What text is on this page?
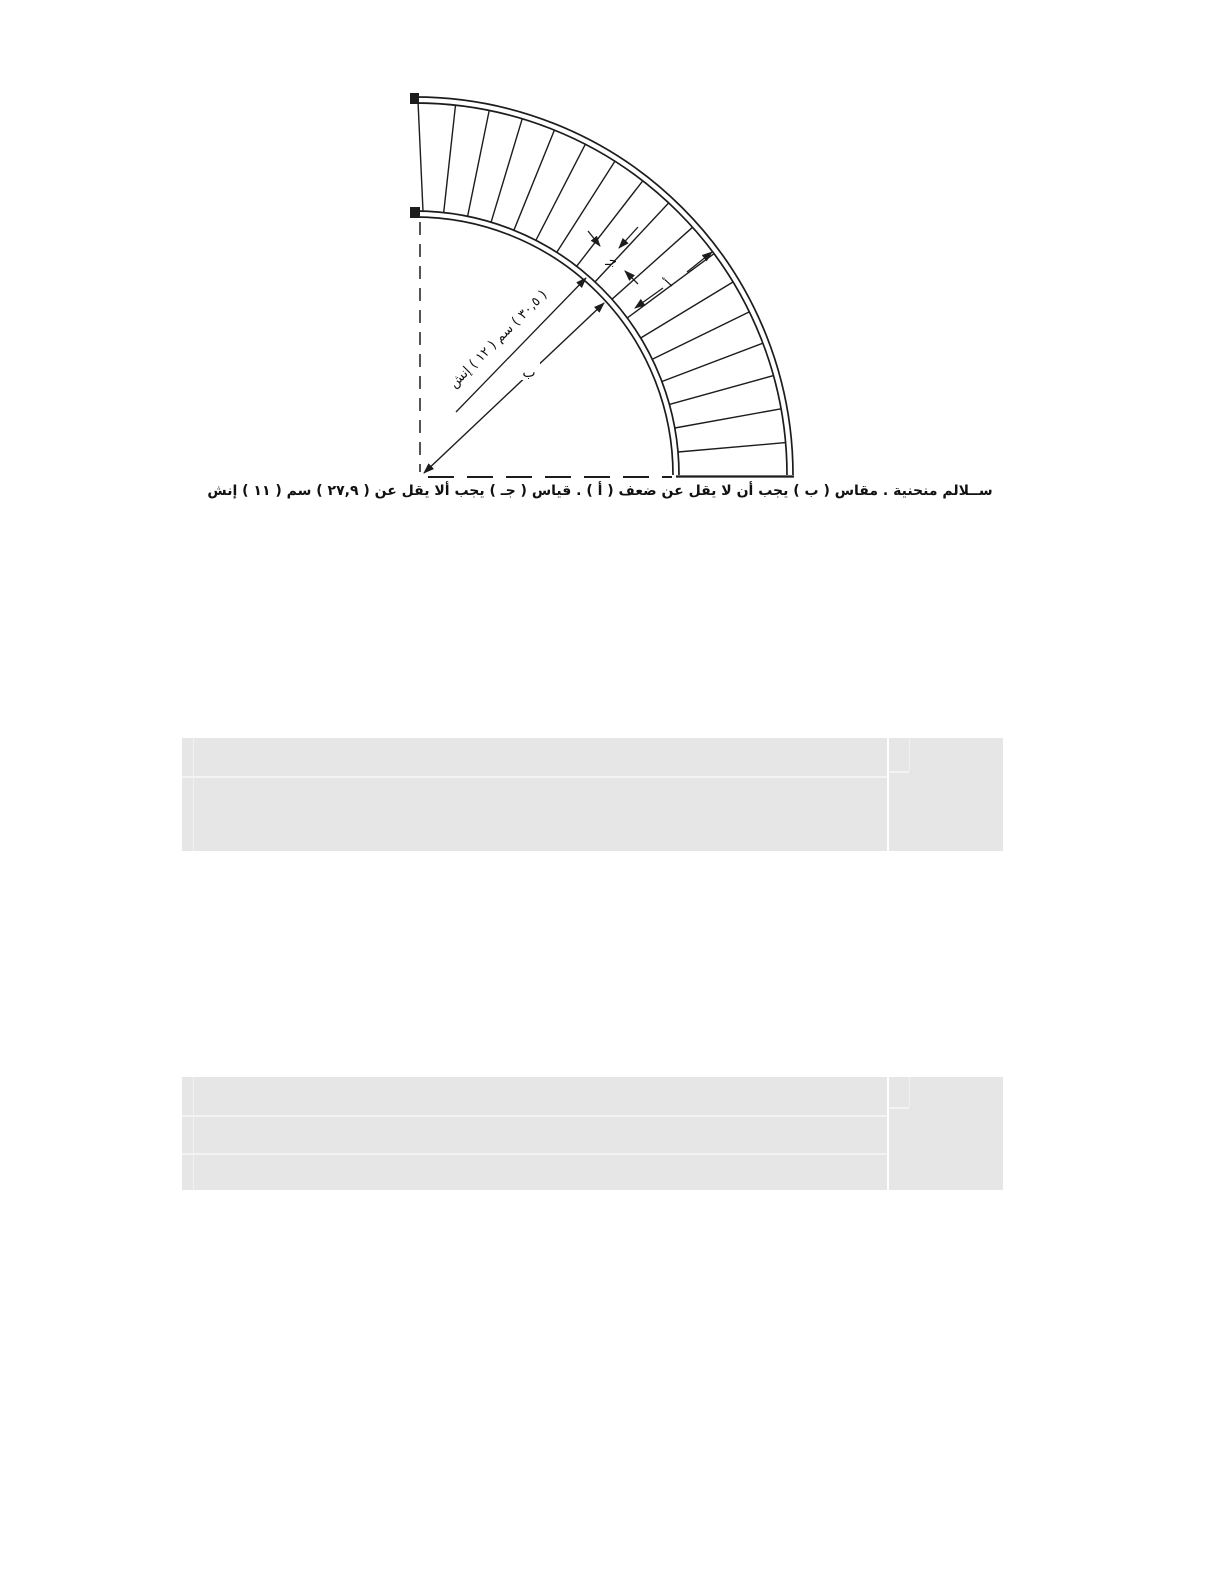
ب
( ٣٠,٥ ) سم ( ١٢ ) إنش
جـ
أ
ســلالم منحنية . مقاس ( ب ) يجب أن لا يقل عن ضعف ( أ ) . قياس ( جـ ) يجب ألا يقل عن ( ٢٧,٩ ) سم ( ١١ ) إنش
